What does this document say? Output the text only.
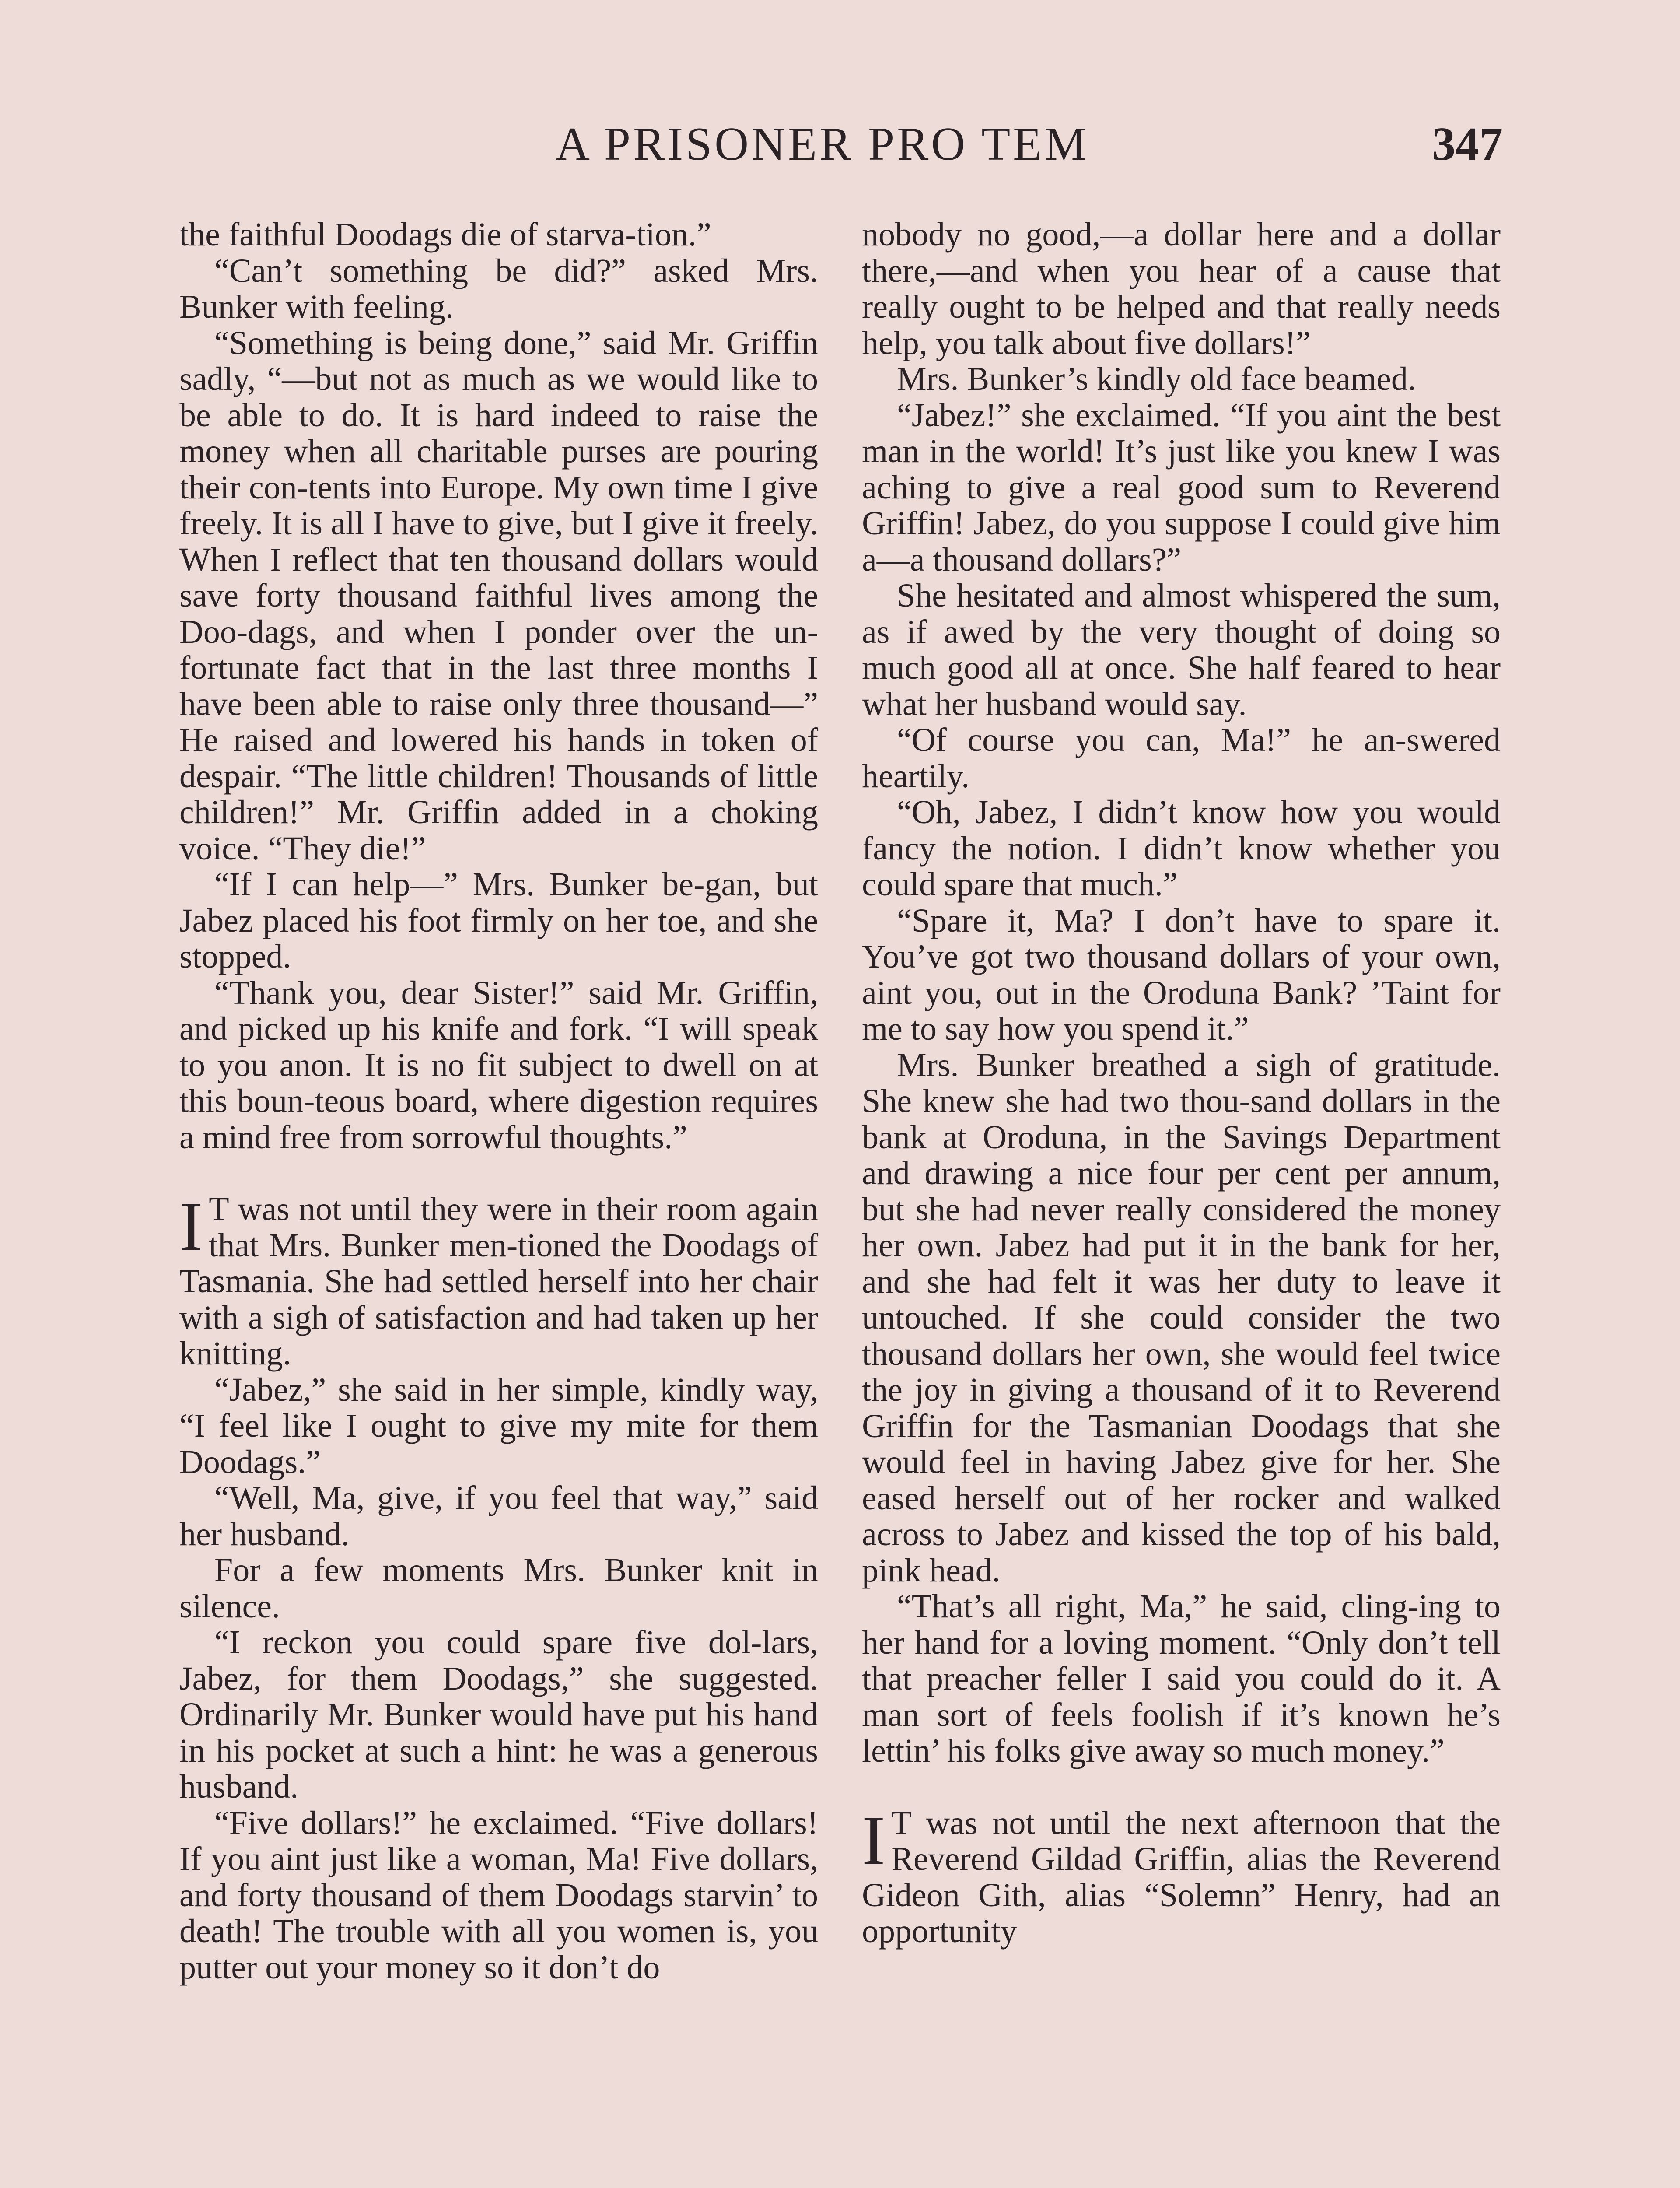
A PRISONER PRO TEM	347

the faithful Doodags die of starva-tion.”

“Can’t something be did?” asked Mrs. Bunker with feeling.

“Something is being done,” said Mr. Griffin sadly, “—but not as much as we would like to be able to do. It is hard indeed to raise the money when all charitable purses are pouring their con-tents into Europe. My own time I give freely. It is all I have to give, but I give it freely. When I reflect that ten thousand dollars would save forty thousand faithful lives among the Doo-dags, and when I ponder over the un-fortunate fact that in the last three months I have been able to raise only three thousand—” He raised and lowered his hands in token of despair. “The little children! Thousands of little children!” Mr. Griffin added in a choking voice. “They die!”

“If I can help—” Mrs. Bunker be-gan, but Jabez placed his foot firmly on her toe, and she stopped.

“Thank you, dear Sister!” said Mr. Griffin, and picked up his knife and fork. “I will speak to you anon. It is no fit subject to dwell on at this boun-teous board, where digestion requires a mind free from sorrowful thoughts.”

I T was not until they were in their room again that Mrs. Bunker men-tioned the Doodags of Tasmania. She had settled herself into her chair with a sigh of satisfaction and had taken up her knitting.

“Jabez,” she said in her simple, kindly way, “I feel like I ought to give my mite for them Doodags.”

“Well, Ma, give, if you feel that way,” said her husband.

For a few moments Mrs. Bunker knit in silence.

“I reckon you could spare five dol-lars, Jabez, for them Doodags,” she suggested. Ordinarily Mr. Bunker would have put his hand in his pocket at such a hint: he was a generous husband.

“Five dollars!” he exclaimed. “Five dollars! If you aint just like a woman, Ma! Five dollars, and forty thousand of them Doodags starvin’ to death! The trouble with all you women is, you putter out your money so it don’t do

nobody no good,—a dollar here and a dollar there,—and when you hear of a cause that really ought to be helped and that really needs help, you talk about five dollars!”

Mrs. Bunker’s kindly old face beamed.

“Jabez!” she exclaimed. “If you aint the best man in the world! It’s just like you knew I was aching to give a real good sum to Reverend Griffin! Jabez, do you suppose I could give him a—a thousand dollars?”

She hesitated and almost whispered the sum, as if awed by the very thought of doing so much good all at once. She half feared to hear what her husband would say.

“Of course you can, Ma!” he an-swered heartily.

“Oh, Jabez, I didn’t know how you would fancy the notion. I didn’t know whether you could spare that much.”

“Spare it, Ma? I don’t have to spare it. You’ve got two thousand dollars of your own, aint you, out in the Oroduna Bank? ’Taint for me to say how you spend it.”

Mrs. Bunker breathed a sigh of gratitude. She knew she had two thou-sand dollars in the bank at Oroduna, in the Savings Department and drawing a nice four per cent per annum, but she had never really considered the money her own. Jabez had put it in the bank for her, and she had felt it was her duty to leave it untouched. If she could consider the two thousand dollars her own, she would feel twice the joy in giving a thousand of it to Reverend Griffin for the Tasmanian Doodags that she would feel in having Jabez give for her. She eased herself out of her rocker and walked across to Jabez and kissed the top of his bald, pink head.

“That’s all right, Ma,” he said, cling-ing to her hand for a loving moment. “Only don’t tell that preacher feller I said you could do it. A man sort of feels foolish if it’s known he’s lettin’ his folks give away so much money.”

I T was not until the next afternoon that the Reverend Gildad Griffin, alias the Reverend Gideon Gith, alias “Solemn” Henry, had an opportunity
